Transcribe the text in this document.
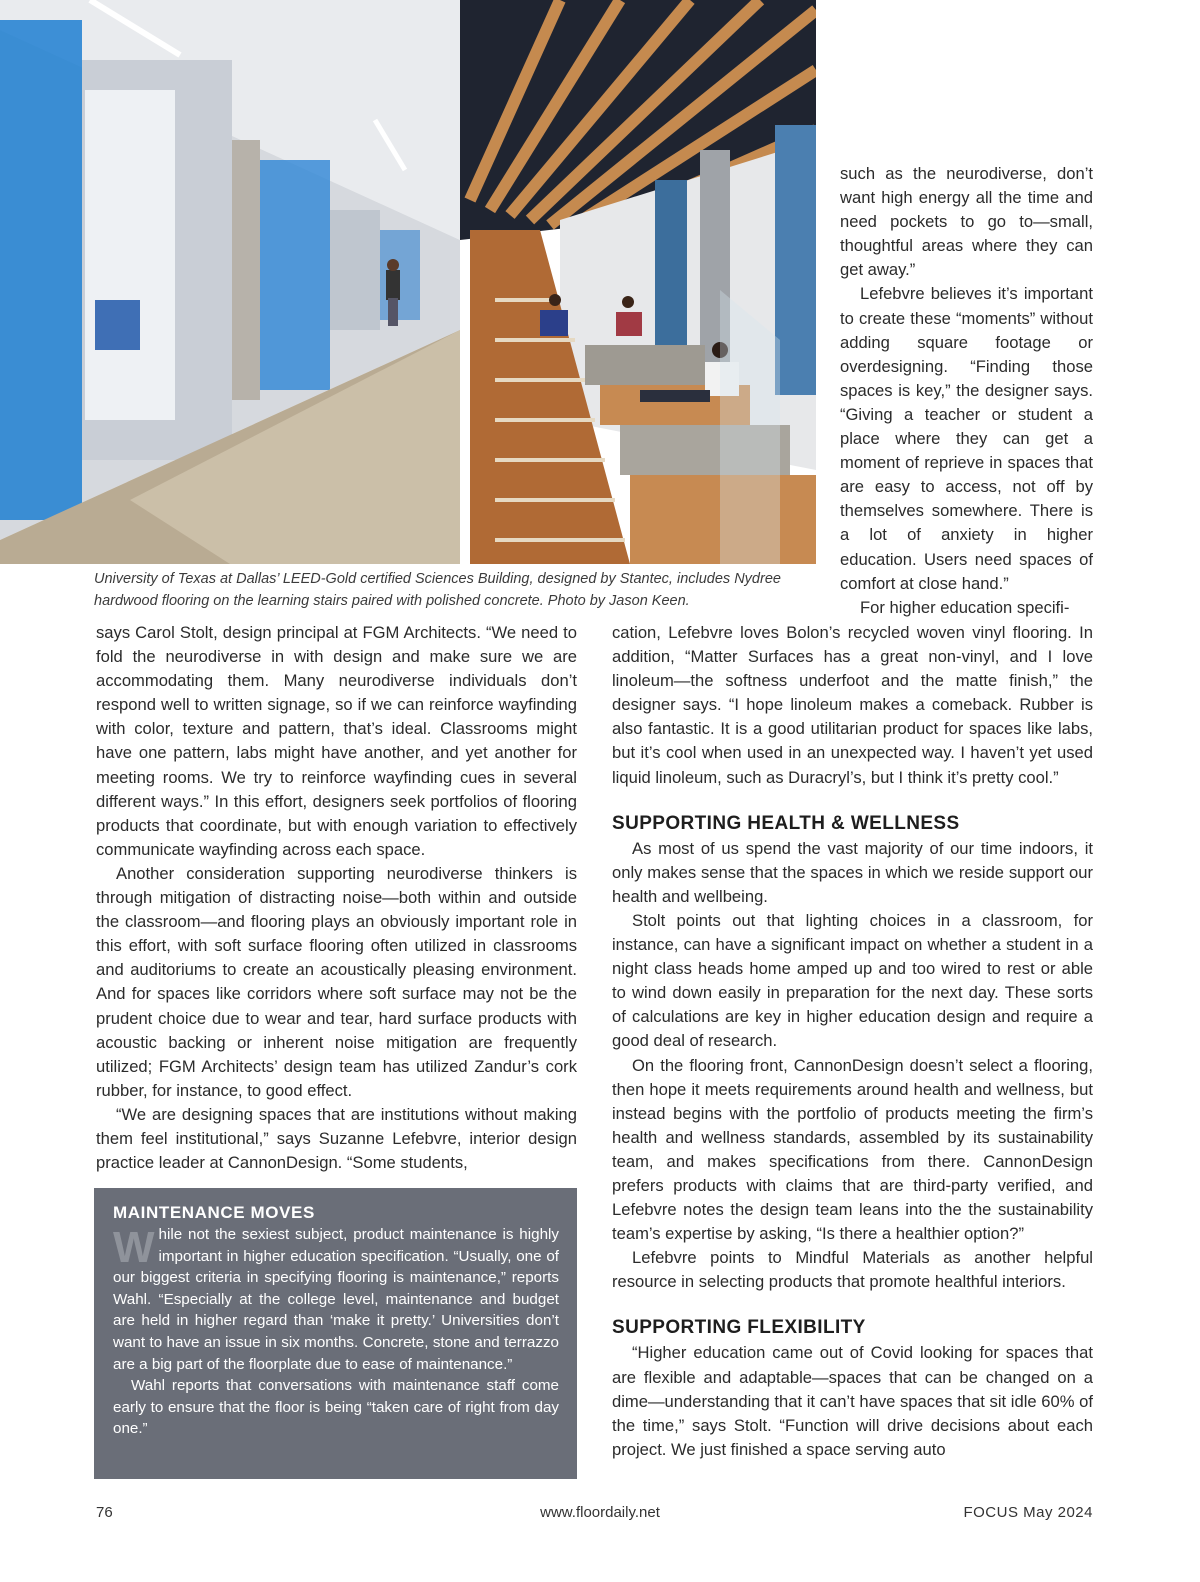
University of Texas at Dallas’ LEED-Gold certified Sciences Building, designed by Stantec, includes Nydree hardwood flooring on the learning stairs paired with polished concrete. Photo by Jason Keen.

such as the neurodiverse, don’t want high energy all the time and need pockets to go to—small, thoughtful areas where they can get away.”

Lefebvre believes it’s important to create these “moments” without adding square footage or overdesigning. “Finding those spaces is key,” the designer says. “Giving a teacher or student a place where they can get a moment of reprieve in spaces that are easy to access, not off by themselves somewhere. There is a lot of anxiety in higher education. Users need spaces of comfort at close hand.”

For higher education specifi-

says Carol Stolt, design principal at FGM Architects. “We need to fold the neurodiverse in with design and make sure we are accommodating them. Many neurodiverse individuals don’t respond well to written signage, so if we can reinforce wayfinding with color, texture and pattern, that’s ideal. Classrooms might have one pattern, labs might have another, and yet another for meeting rooms. We try to reinforce wayfinding cues in several different ways.” In this effort, designers seek portfolios of flooring products that coordinate, but with enough variation to effectively communicate wayfinding across each space.

Another consideration supporting neurodiverse thinkers is through mitigation of distracting noise—both within and outside the classroom—and flooring plays an obviously important role in this effort, with soft surface flooring often utilized in classrooms and auditoriums to create an acoustically pleasing environment. And for spaces like corridors where soft surface may not be the prudent choice due to wear and tear, hard surface products with acoustic backing or inherent noise mitigation are frequently utilized; FGM Architects’ design team has utilized Zandur’s cork rubber, for instance, to good effect.

“We are designing spaces that are institutions without making them feel institutional,” says Suzanne Lefebvre, interior design practice leader at CannonDesign. “Some students,

cation, Lefebvre loves Bolon’s recycled woven vinyl flooring. In addition, “Matter Surfaces has a great non-vinyl, and I love linoleum—the softness underfoot and the matte finish,” the designer says. “I hope linoleum makes a comeback. Rubber is also fantastic. It is a good utilitarian product for spaces like labs, but it’s cool when used in an unexpected way. I haven’t yet used liquid linoleum, such as Duracryl’s, but I think it’s pretty cool.”

SUPPORTING HEALTH & WELLNESS

As most of us spend the vast majority of our time indoors, it only makes sense that the spaces in which we reside support our health and wellbeing.

Stolt points out that lighting choices in a classroom, for instance, can have a significant impact on whether a student in a night class heads home amped up and too wired to rest or able to wind down easily in preparation for the next day. These sorts of calculations are key in higher education design and require a good deal of research.

On the flooring front, CannonDesign doesn’t select a flooring, then hope it meets requirements around health and wellness, but instead begins with the portfolio of products meeting the firm’s health and wellness standards, assembled by its sustainability team, and makes specifications from there. CannonDesign prefers products with claims that are third-party verified, and Lefebvre notes the design team leans into the the sustainability team’s expertise by asking, “Is there a healthier option?”

Lefebvre points to Mindful Materials as another helpful resource in selecting products that promote healthful interiors.

SUPPORTING FLEXIBILITY

“Higher education came out of Covid looking for spaces that are flexible and adaptable—spaces that can be changed on a dime—understanding that it can’t have spaces that sit idle 60% of the time,” says Stolt. “Function will drive decisions about each project. We just finished a space serving auto

MAINTENANCE MOVES

While not the sexiest subject, product maintenance is highly important in higher education specification. “Usually, one of our biggest criteria in specifying flooring is maintenance,” reports Wahl. “Especially at the college level, maintenance and budget are held in higher regard than ‘make it pretty.’ Universities don’t want to have an issue in six months. Concrete, stone and terrazzo are a big part of the floorplate due to ease of maintenance.”

Wahl reports that conversations with maintenance staff come early to ensure that the floor is being “taken care of right from day one.”

www.floordaily.net
76	FOCUS May 2024
